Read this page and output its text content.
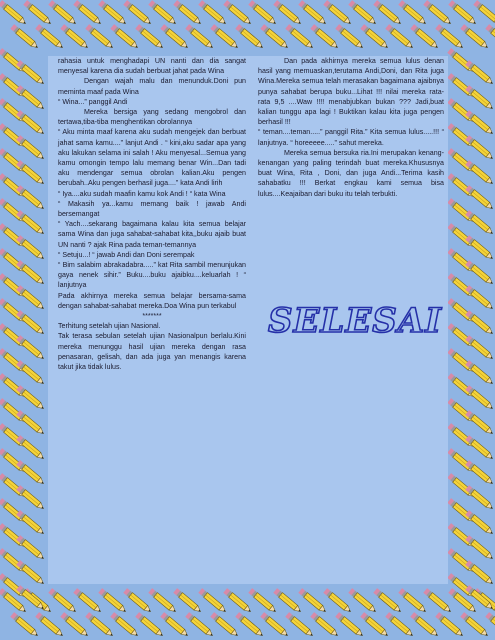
rahasia untuk menghadapi UN nanti dan dia sangat menyesal karena dia sudah berbuat jahat pada Wina

Dengan wajah malu dan menunduk.Doni pun meminta maaf pada Wina

“ Wina...” panggil Andi

Mereka bersiga yang sedang mengobrol dan tertawa,tiba-tiba menghentikan obrolannya

“ Aku minta maaf karena aku sudah mengejek dan berbuat jahat sama kamu....” lanjut Andi . “ kini,aku sadar apa yang aku lakukan selama ini salah ! Aku menyesal...Semua yang kamu omongin tempo lalu memang benar Win...Dan tadi aku mendengar semua obrolan kalian.Aku pengen berubah..Aku pengen berhasil juga....” kata Andi lirih

“ Iya....aku sudah maafin kamu kok Andi ! “ kata Wina

“ Makasih ya...kamu memang baik ! jawab Andi bersemangat

“ Yach....sekarang bagaimana kalau kita semua belajar sama Wina dan juga sahabat-sahabat kita,,buku ajaib buat UN nanti ? ajak Rina pada teman-temannya

“ Setuju...! “ jawab Andi dan Doni serempak

“ Bim salabim abrakadabra.....” kat Rita sambil menunjukan gaya nenek sihir.” Buku....buku ajaibku....keluarlah ! “ lanjutnya

Pada akhirnya mereka semua belajar bersama-sama dengan sahabat-sahabat mereka.Doa Wina pun terkabul

*******

Terhitung setelah ujian Nasional.

Tak terasa sebulan setelah ujian Nasionalpun berlalu.Kini mereka menunggu hasil ujian mereka dengan rasa penasaran, gelisah, dan ada juga yan menangis karena takut jika tidak lulus.

Dan pada akhirnya mereka semua lulus denan hasil yang memuaskan,terutama Andi,Doni, dan Rita juga Wina.Mereka semua telah merasakan bagaimana ajaibnya punya sahabat berupa buku...Lihat !!! nilai mereka rata-rata 9,5 ....Waw !!!! menabjubkan bukan ??? Jadi,buat kalian tunggu apa lagi ! Buktikan kalau kita juga pengen berhasil !!!

“ teman....teman.....” panggil Rita.” Kita semua lulus.....!!! “ lanjutnya. “ horeeeee.....” sahut mereka.

Mereka semua bersuka ria.Ini merupakan kenang-kenangan yang paling terindah buat mereka.Khususnya buat Wina, Rita , Doni, dan juga Andi...Terima kasih sahabatku !!! Berkat engkau kami semua bisa lulus....Keajaiban dari buku itu telah terbukti.

SELESAI
